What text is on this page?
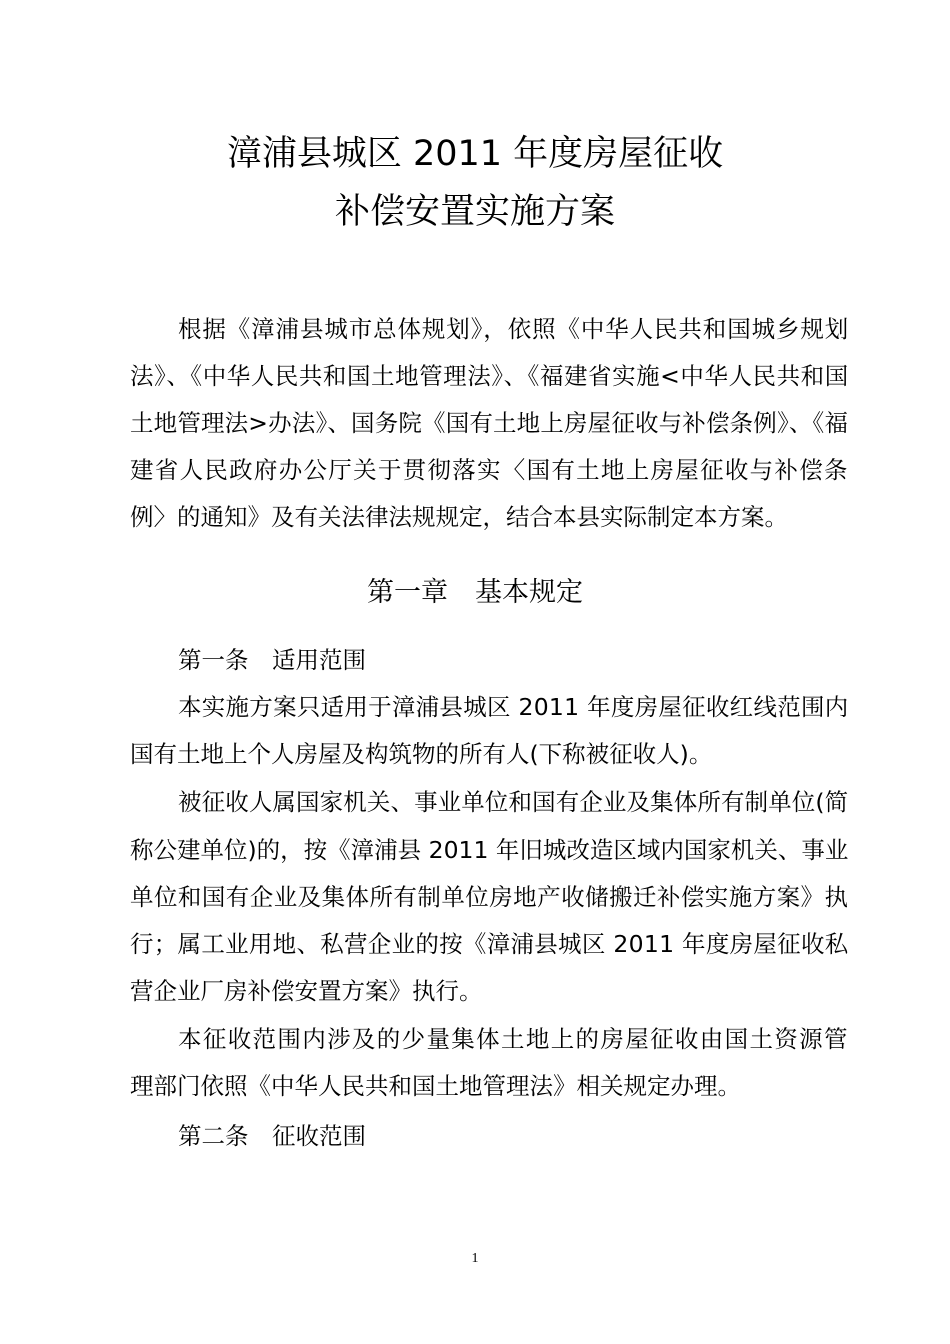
漳浦县城区 2011 年度房屋征收
补偿安置实施方案
根据《漳浦县城市总体规划》，依照《中华人民共和国城乡规划
法》、《中华人民共和国土地管理法》、《福建省实施<中华人民共和国
土地管理法>办法》、国务院《国有土地上房屋征收与补偿条例》、《福
建省人民政府办公厅关于贯彻落实〈国有土地上房屋征收与补偿条
例〉的通知》及有关法律法规规定，结合本县实际制定本方案。
第一章　基本规定
第一条　适用范围
本实施方案只适用于漳浦县城区 2011 年度房屋征收红线范围内
国有土地上个人房屋及构筑物的所有人(下称被征收人)。
被征收人属国家机关、事业单位和国有企业及集体所有制单位(简
称公建单位)的，按《漳浦县 2011 年旧城改造区域内国家机关、事业
单位和国有企业及集体所有制单位房地产收储搬迁补偿实施方案》执
行；属工业用地、私营企业的按《漳浦县城区 2011 年度房屋征收私
营企业厂房补偿安置方案》执行。
本征收范围内涉及的少量集体土地上的房屋征收由国土资源管
理部门依照《中华人民共和国土地管理法》相关规定办理。
第二条　征收范围
1
